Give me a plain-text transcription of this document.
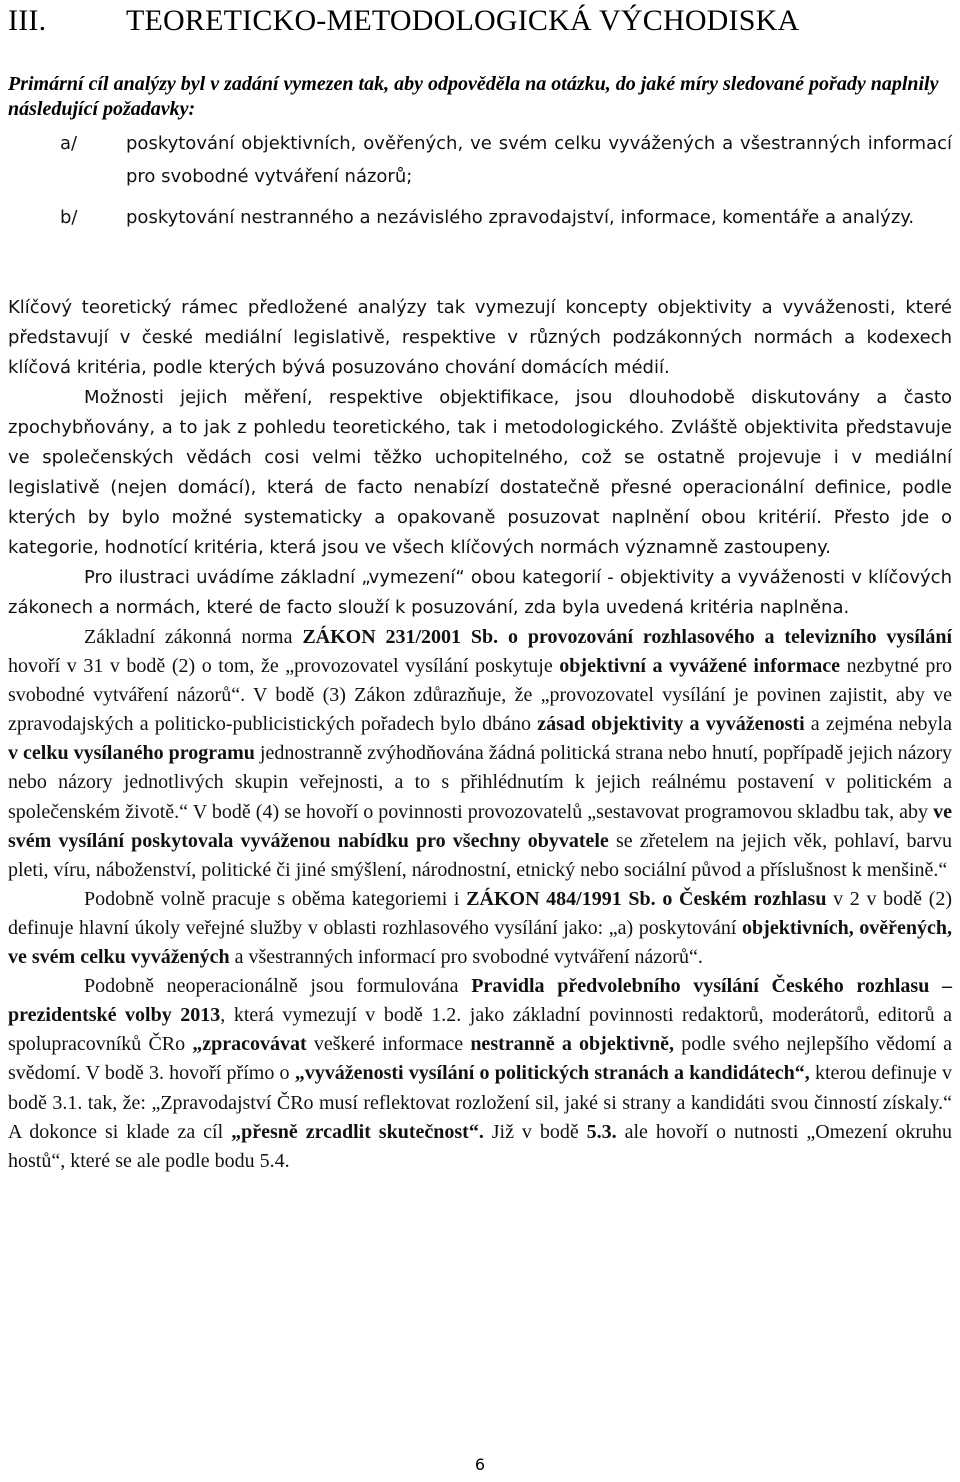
III.	TEORETICKO-METODOLOGICKÁ VÝCHODISKA

Primární cíl analýzy byl v zadání vymezen tak, aby odpověděla na otázku, do jaké míry sledované pořady naplnily následující požadavky:

a/	poskytování objektivních, ověřených, ve svém celku vyvážených a všestranných informací pro svobodné vytváření názorů;
b/	poskytování nestranného a nezávislého zpravodajství, informace, komentáře a analýzy.

Klíčový teoretický rámec předložené analýzy tak vymezují koncepty objektivity a vyváženosti, které představují v české mediální legislativě, respektive v různých podzákonných normách a kodexech klíčová kritéria, podle kterých bývá posuzováno chování domácích médií.

Možnosti jejich měření, respektive objektifikace, jsou dlouhodobě diskutovány a často zpochybňovány, a to jak z pohledu teoretického, tak i metodologického. Zvláště objektivita představuje ve společenských vědách cosi velmi těžko uchopitelného, což se ostatně projevuje i v mediální legislativě (nejen domácí), která de facto nenabízí dostatečně přesné operacionální definice, podle kterých by bylo možné systematicky a opakovaně posuzovat naplnění obou kritérií. Přesto jde o kategorie, hodnotící kritéria, která jsou ve všech klíčových normách významně zastoupeny.

Pro ilustraci uvádíme základní „vymezení“ obou kategorií - objektivity a vyváženosti v klíčových zákonech a normách, které de facto slouží k posuzování, zda byla uvedená kritéria naplněna.

Základní zákonná norma ZÁKON 231/2001 Sb. o provozování rozhlasového a televizního vysílání hovoří v 31 v bodě (2) o tom, že „provozovatel vysílání poskytuje objektivní a vyvážené informace nezbytné pro svobodné vytváření názorů“. V bodě (3) Zákon zdůrazňuje, že „provozovatel vysílání je povinen zajistit, aby ve zpravodajských a politicko-publicistických pořadech bylo dbáno zásad objektivity a vyváženosti a zejména nebyla v celku vysílaného programu jednostranně zvýhodňována žádná politická strana nebo hnutí, popřípadě jejich názory nebo názory jednotlivých skupin veřejnosti, a to s přihlédnutím k jejich reálnému postavení v politickém a společenském životě.“ V bodě (4) se hovoří o povinnosti provozovatelů „sestavovat programovou skladbu tak, aby ve svém vysílání poskytovala vyváženou nabídku pro všechny obyvatele se zřetelem na jejich věk, pohlaví, barvu pleti, víru, náboženství, politické či jiné smýšlení, národnostní, etnický nebo sociální původ a příslušnost k menšině.“

Podobně volně pracuje s oběma kategoriemi i ZÁKON 484/1991 Sb. o Českém rozhlasu v 2 v bodě (2) definuje hlavní úkoly veřejné služby v oblasti rozhlasového vysílání jako: „a) poskytování objektivních, ověřených, ve svém celku vyvážených a všestranných informací pro svobodné vytváření názorů“.

Podobně neoperacionálně jsou formulována Pravidla předvolebního vysílání Českého rozhlasu – prezidentské volby 2013, která vymezují v bodě 1.2. jako základní povinnosti redaktorů, moderátorů, editorů a spolupracovníků ČRo „zpracovávat veškeré informace nestranně a objektivně, podle svého nejlepšího vědomí a svědomí. V bodě 3. hovoří přímo o „vyváženosti vysílání o politických stranách a kandidátech“, kterou definuje v bodě 3.1. tak, že: „Zpravodajství ČRo musí reflektovat rozložení sil, jaké si strany a kandidáti svou činností získaly.“ A dokonce si klade za cíl „přesně zrcadlit skutečnost“. Již v bodě 5.3. ale hovoří o nutnosti „Omezení okruhu hostů“, které se ale podle bodu 5.4.

6
